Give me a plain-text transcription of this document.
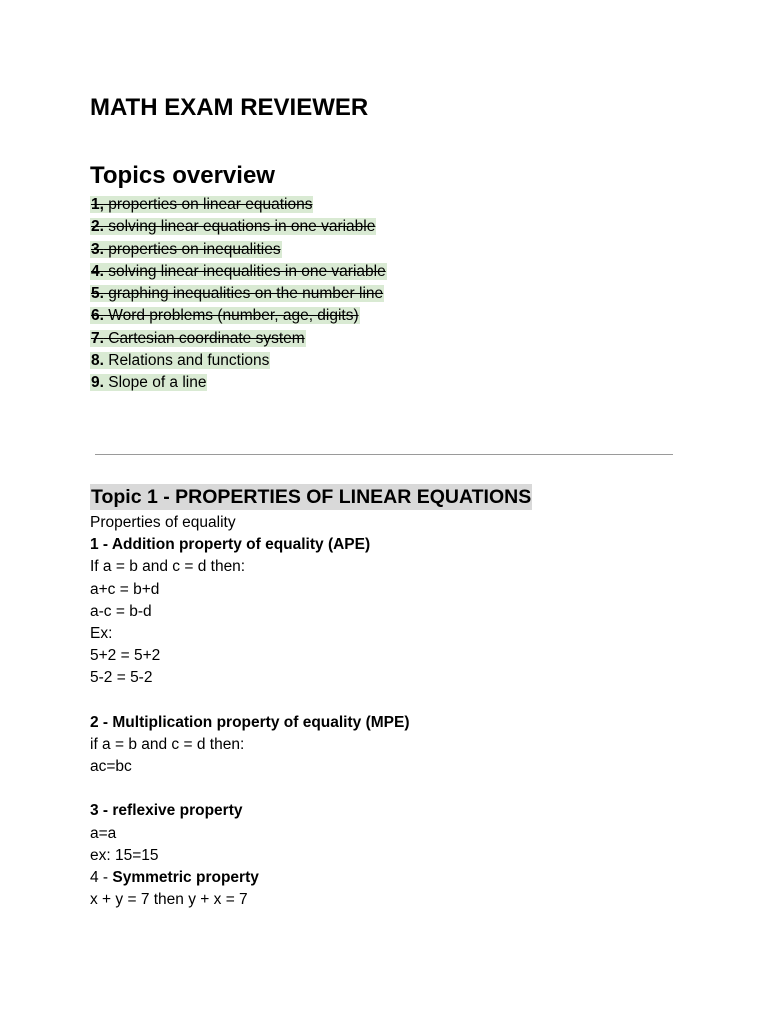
MATH EXAM REVIEWER
Topics overview
1, properties on linear equations
2. solving linear equations in one variable
3. properties on inequalities
4. solving linear inequalities in one variable
5. graphing inequalities on the number line
6. Word problems (number, age, digits)
7. Cartesian coordinate system
8. Relations and functions
9. Slope of a line
Topic 1 - PROPERTIES OF LINEAR EQUATIONS
Properties of equality
1 - Addition property of equality (APE)
If a = b and c = d then:
a+c = b+d
a-c = b-d
Ex:
5+2 = 5+2
5-2 = 5-2
2 - Multiplication property of equality (MPE)
if a = b and c = d then:
ac=bc
3 - reflexive property
a=a
ex: 15=15
4 - Symmetric property
x + y = 7 then y + x = 7
